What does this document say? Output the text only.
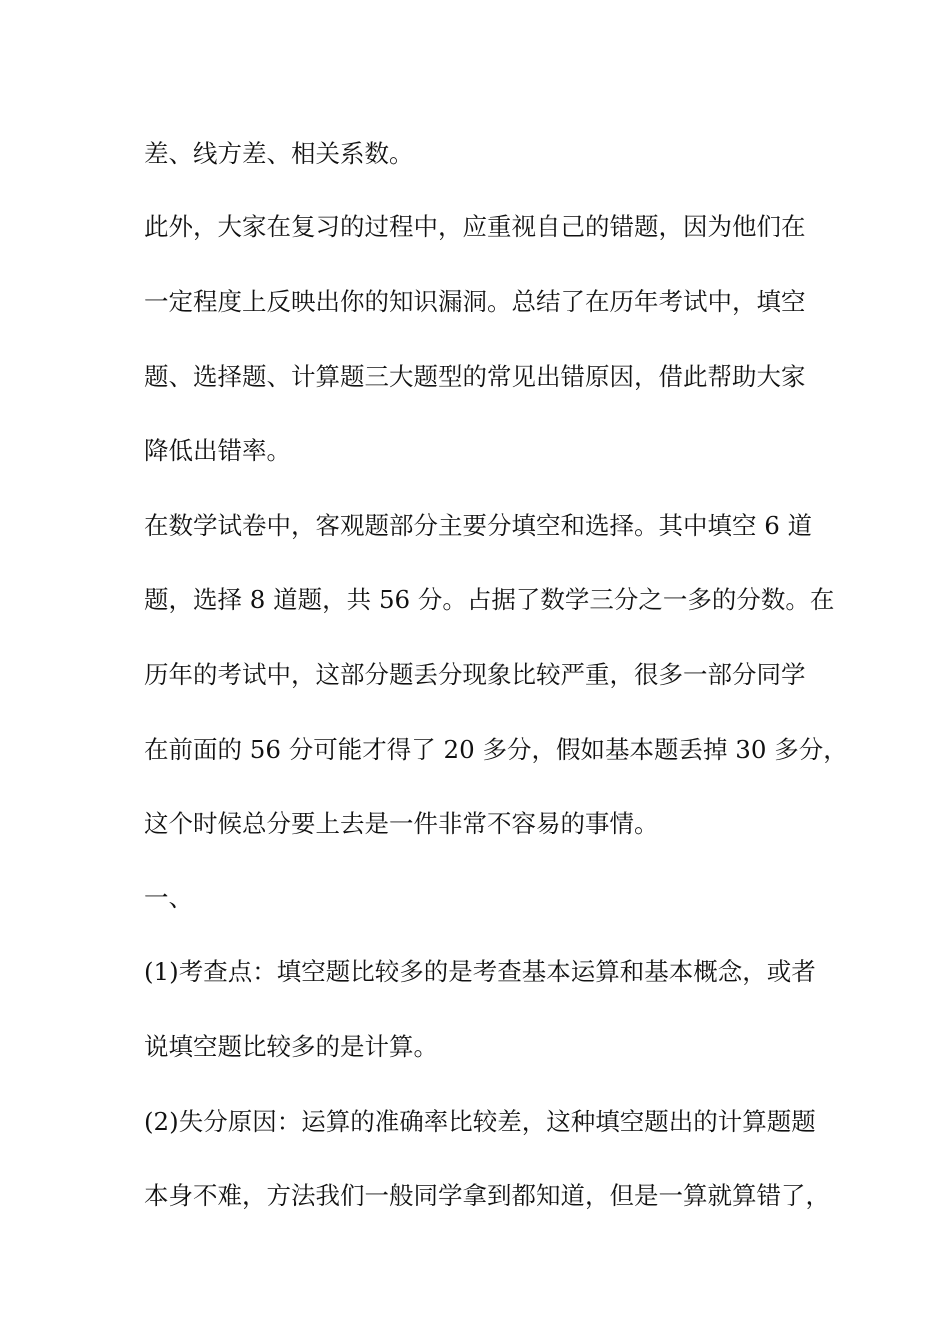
差、线方差、相关系数。
此外，大家在复习的过程中，应重视自己的错题，因为他们在
一定程度上反映出你的知识漏洞。总结了在历年考试中，填空
题、选择题、计算题三大题型的常见出错原因，借此帮助大家
降低出错率。
在数学试卷中，客观题部分主要分填空和选择。其中填空 6 道
题，选择 8 道题，共 56 分。占据了数学三分之一多的分数。在
历年的考试中，这部分题丢分现象比较严重，很多一部分同学
在前面的 56 分可能才得了 20 多分，假如基本题丢掉 30 多分，
这个时候总分要上去是一件非常不容易的事情。
一、
(1)考查点：填空题比较多的是考查基本运算和基本概念，或者
说填空题比较多的是计算。
(2)失分原因：运算的准确率比较差，这种填空题出的计算题题
本身不难，方法我们一般同学拿到都知道，但是一算就算错了，
